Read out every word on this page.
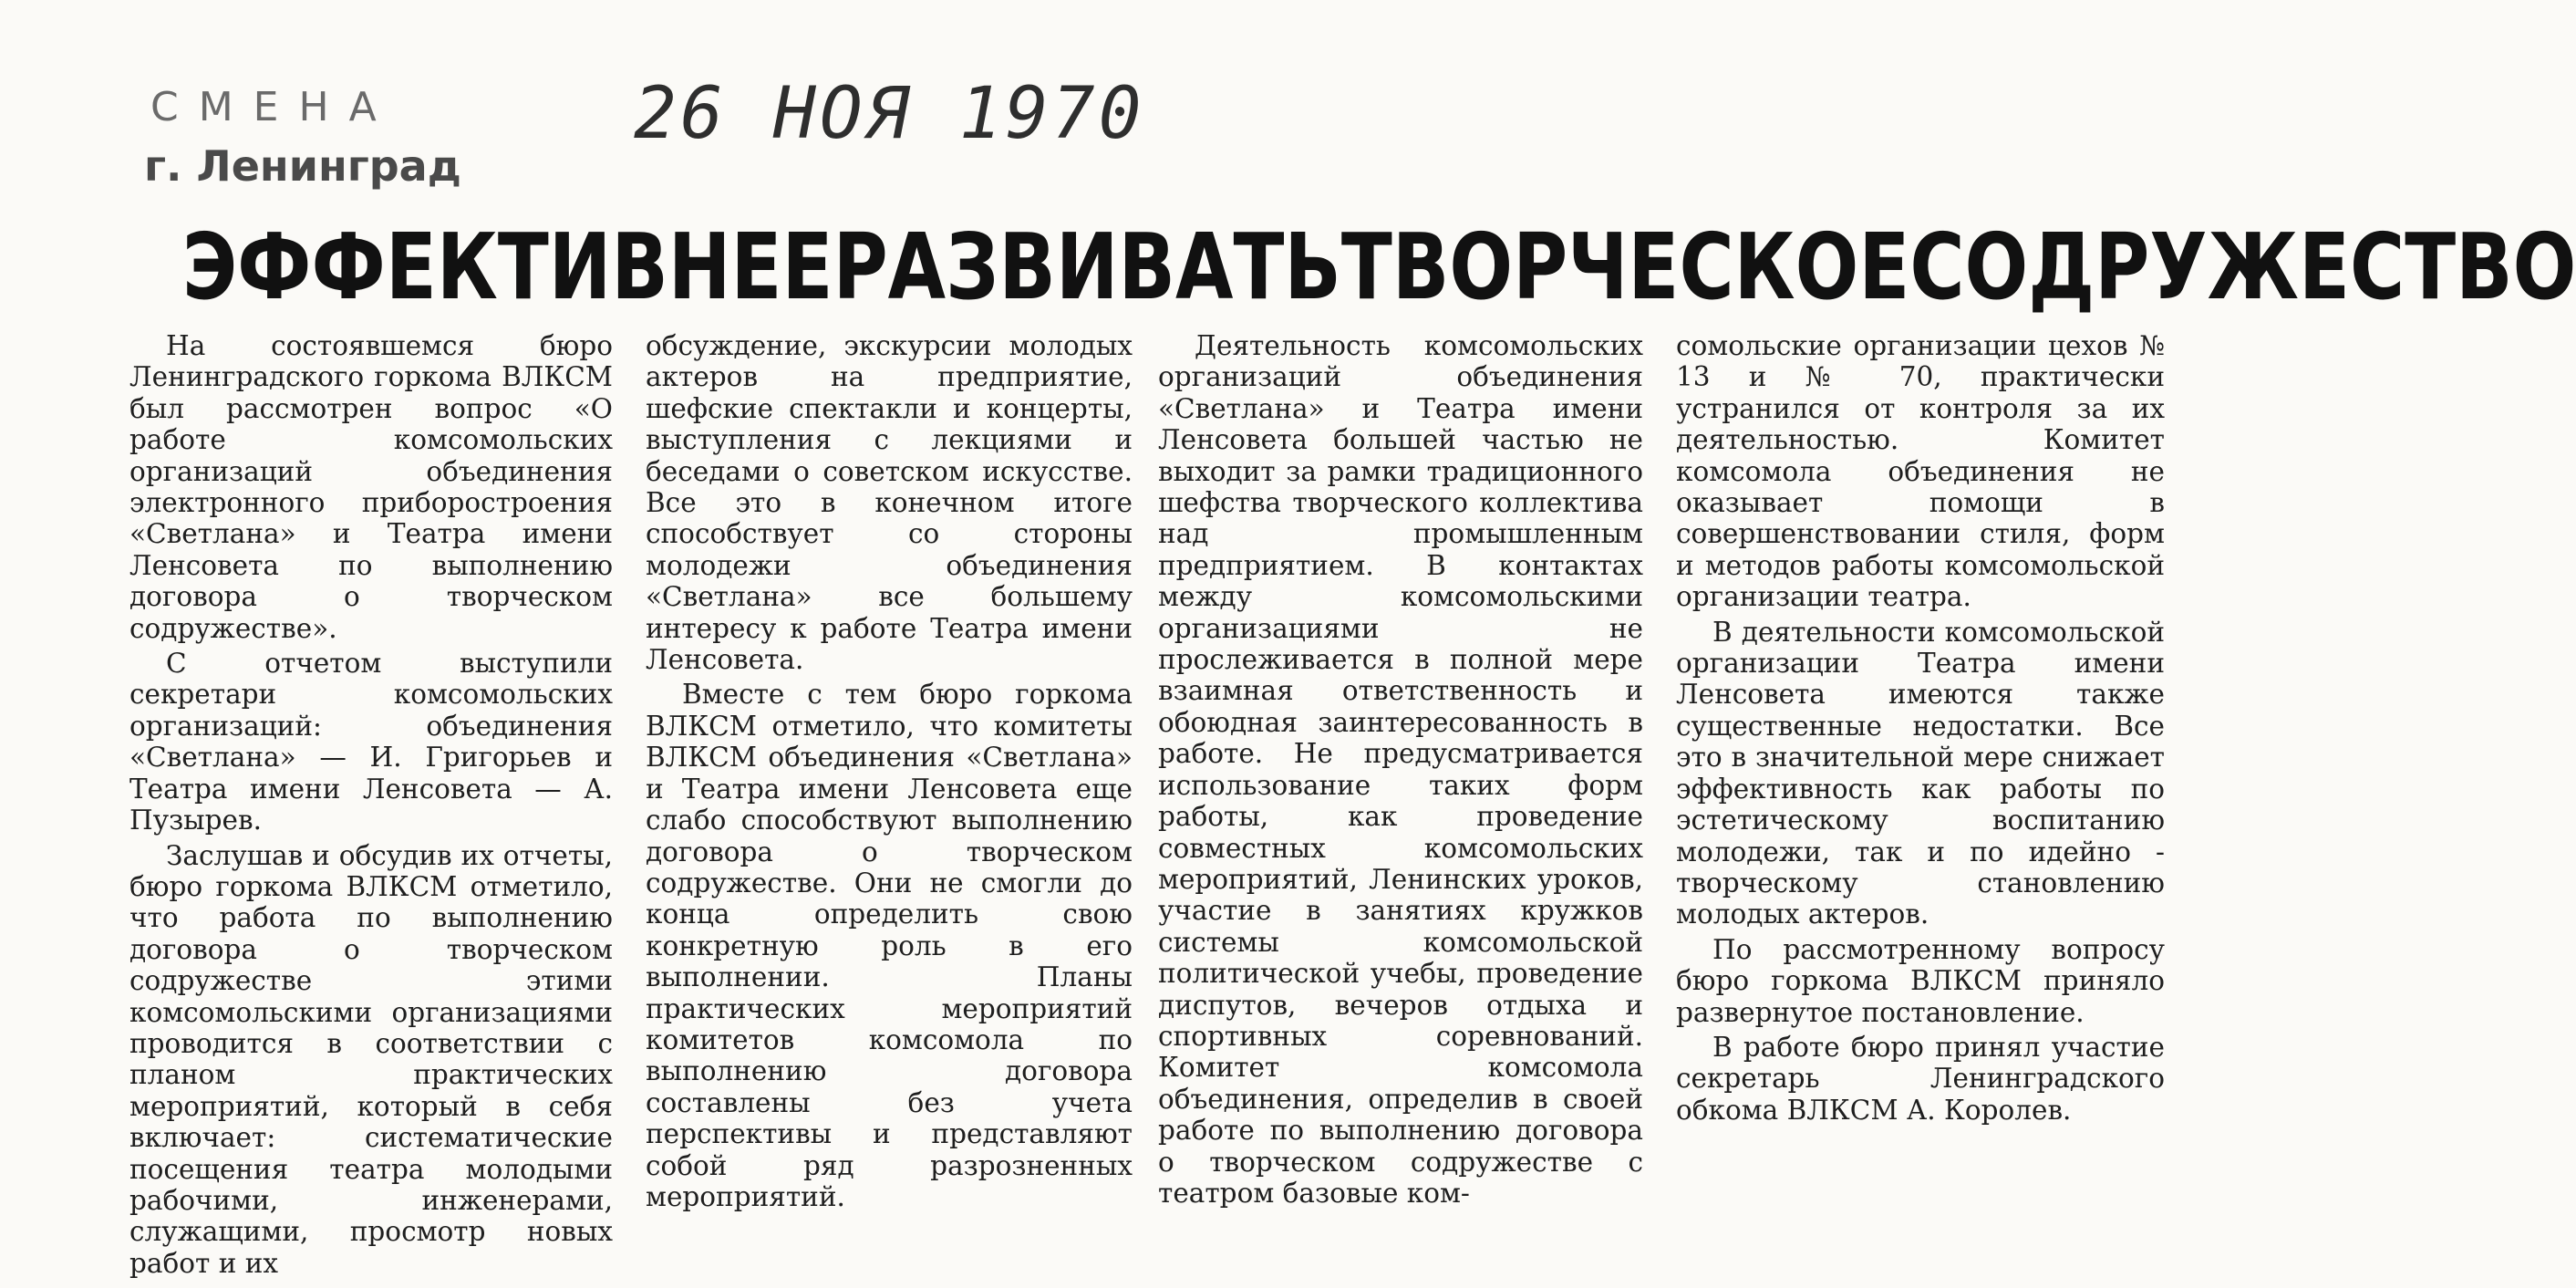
СМЕНА
г. Ленинград
26 НОЯ 1970
ЭФФЕКТИВНЕЕ РАЗВИВАТЬ ТВОРЧЕСКОЕ СОДРУЖЕСТВО

На состоявшемся бюро Ленинградского горкома ВЛКСМ был рассмотрен вопрос «О работе комсомольских организаций объединения электронного приборостроения «Светлана» и Театра имени Ленсовета по выполнению договора о творческом содружестве».

С отчетом выступили секретари комсомольских организаций: объединения «Светлана» — И. Григорьев и Театра имени Ленсовета — А. Пузырев.

Заслушав и обсудив их отчеты, бюро горкома ВЛКСМ отметило, что работа по выполнению договора о творческом содружестве этими комсомольскими организациями проводится в соответствии с планом практических мероприятий, который в себя включает: систематические посещения театра молодыми рабочими, инженерами, служащими, просмотр новых работ и их

обсуждение, экскурсии молодых актеров на предприятие, шефские спектакли и концерты, выступления с лекциями и беседами о советском искусстве. Все это в конечном итоге способствует со стороны молодежи объединения «Светлана» все большему интересу к работе Театра имени Ленсовета.

Вместе с тем бюро горкома ВЛКСМ отметило, что комитеты ВЛКСМ объединения «Светлана» и Театра имени Ленсовета еще слабо способствуют выполнению договора о творческом содружестве. Они не смогли до конца определить свою конкретную роль в его выполнении. Планы практических мероприятий комитетов комсомола по выполнению договора составлены без учета перспективы и представляют собой ряд разрозненных мероприятий.

Деятельность комсомольских организаций объединения «Светлана» и Театра имени Ленсовета большей частью не выходит за рамки традиционного шефства творческого коллектива над промышленным предприятием. В контактах между комсомольскими организациями не прослеживается в полной мере взаимная ответственность и обоюдная заинтересованность в работе. Не предусматривается использование таких форм работы, как проведение совместных комсомольских мероприятий, Ленинских уроков, участие в занятиях кружков системы комсомольской политической учебы, проведение диспутов, вечеров отдыха и спортивных соревнований. Комитет комсомола объединения, определив в своей работе по выполнению договора о творческом содружестве с театром базовые ком-

сомольские организации цехов № 13 и № 70, практически устранился от контроля за их деятельностью. Комитет комсомола объединения не оказывает помощи в совершенствовании стиля, форм и методов работы комсомольской организации театра.

В деятельности комсомольской организации Театра имени Ленсовета имеются также существенные недостатки. Все это в значительной мере снижает эффективность как работы по эстетическому воспитанию молодежи, так и по идейно - творческому становлению молодых актеров.

По рассмотренному вопросу бюро горкома ВЛКСМ приняло развернутое постановление.

В работе бюро принял участие секретарь Ленинградского обкома ВЛКСМ А. Королев.
